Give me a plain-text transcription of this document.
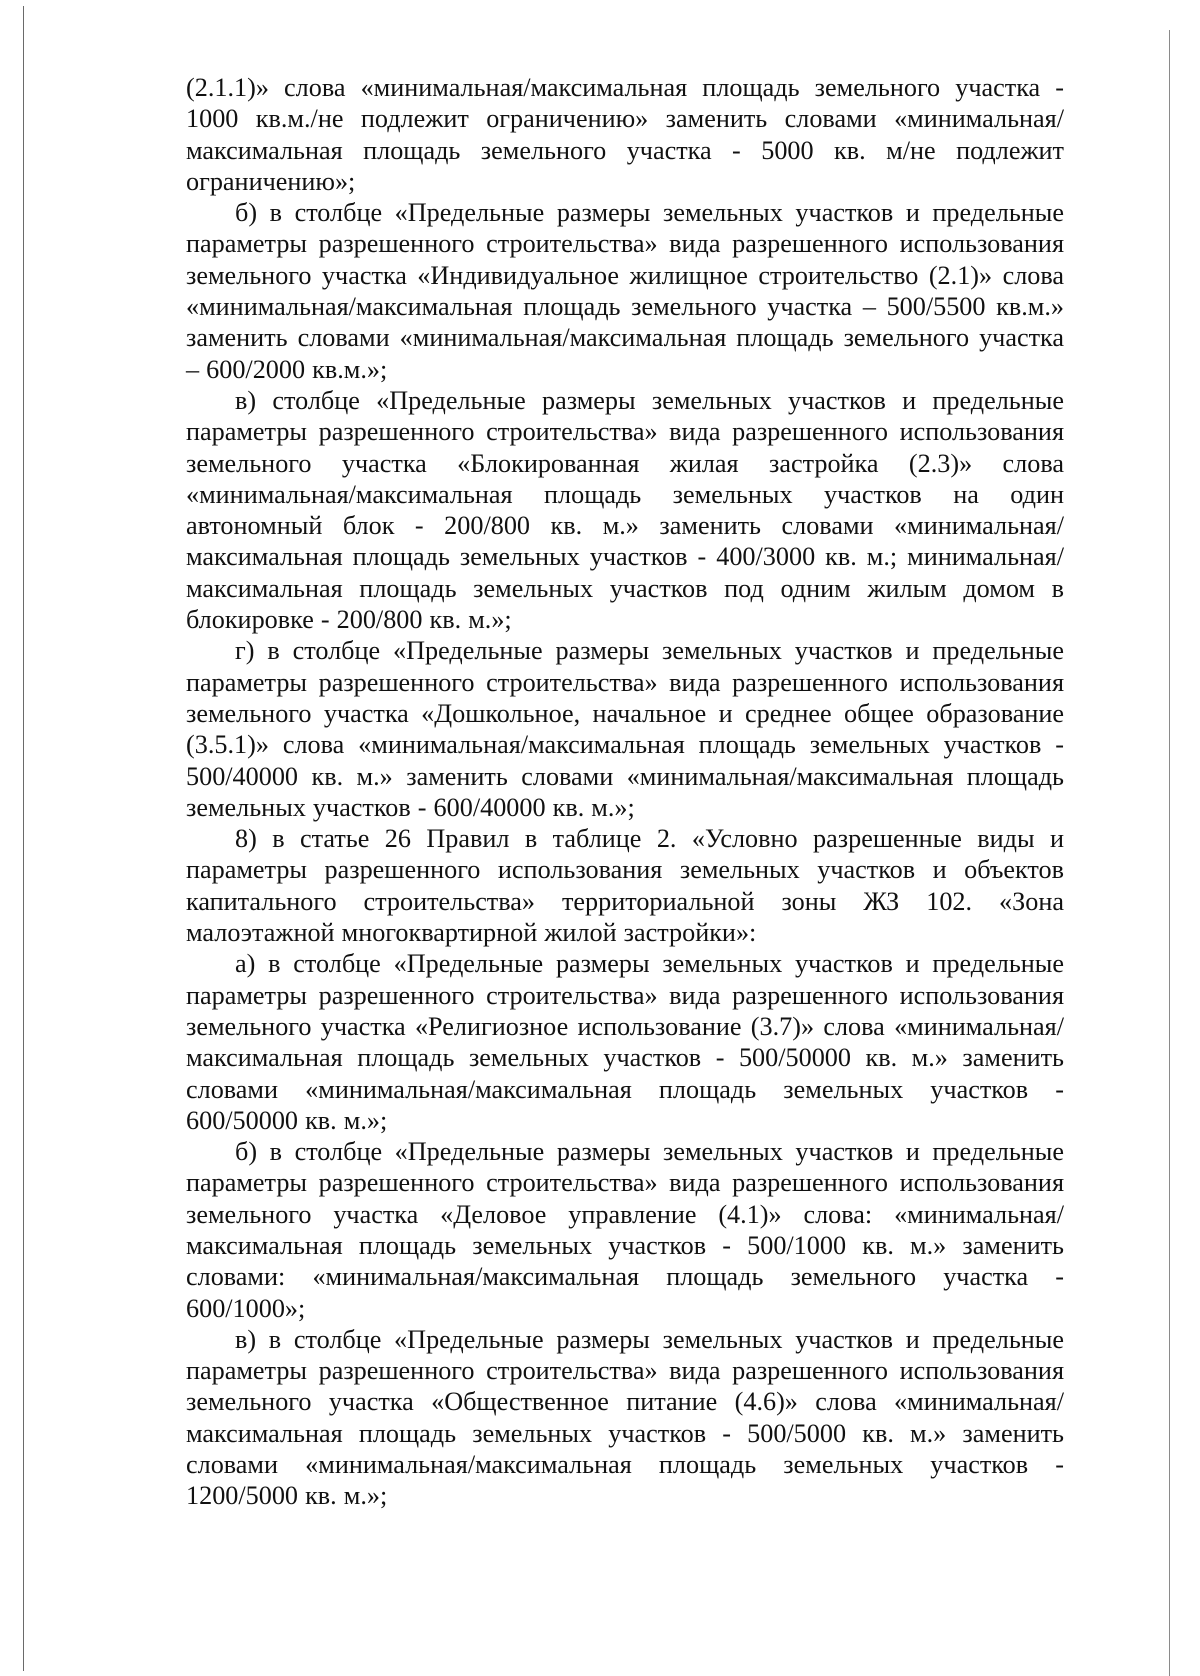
(2.1.1)» слова «минимальная/максимальная площадь земельного участка - 1000 кв.м./не подлежит ограничению» заменить словами «минимальная/максимальная площадь земельного участка - 5000 кв. м/не подлежит ограничению»;

б) в столбце «Предельные размеры земельных участков и предельные параметры разрешенного строительства» вида разрешенного использования земельного участка «Индивидуальное жилищное строительство (2.1)» слова «минимальная/максимальная площадь земельного участка – 500/5500 кв.м.» заменить словами «минимальная/максимальная площадь земельного участка – 600/2000 кв.м.»;

в) столбце «Предельные размеры земельных участков и предельные параметры разрешенного строительства» вида разрешенного использования земельного участка «Блокированная жилая застройка (2.3)» слова «минимальная/максимальная площадь земельных участков на один автономный блок - 200/800 кв. м.» заменить словами «минимальная/максимальная площадь земельных участков - 400/3000 кв. м.; минимальная/максимальная площадь земельных участков под одним жилым домом в блокировке - 200/800 кв. м.»;

г) в столбце «Предельные размеры земельных участков и предельные параметры разрешенного строительства» вида разрешенного использования земельного участка «Дошкольное, начальное и среднее общее образование (3.5.1)» слова «минимальная/максимальная площадь земельных участков - 500/40000 кв. м.» заменить словами «минимальная/максимальная площадь земельных участков - 600/40000 кв. м.»;

8) в статье 26 Правил в таблице 2. «Условно разрешенные виды и параметры разрешенного использования земельных участков и объектов капитального строительства» территориальной зоны ЖЗ 102. «Зона малоэтажной многоквартирной жилой застройки»:

а) в столбце «Предельные размеры земельных участков и предельные параметры разрешенного строительства» вида разрешенного использования земельного участка «Религиозное использование (3.7)» слова «минимальная/максимальная площадь земельных участков - 500/50000 кв. м.» заменить словами «минимальная/максимальная площадь земельных участков - 600/50000 кв. м.»;

б) в столбце «Предельные размеры земельных участков и предельные параметры разрешенного строительства» вида разрешенного использования земельного участка «Деловое управление (4.1)» слова: «минимальная/максимальная площадь земельных участков - 500/1000 кв. м.» заменить словами: «минимальная/максимальная площадь земельного участка - 600/1000»;

в) в столбце «Предельные размеры земельных участков и предельные параметры разрешенного строительства» вида разрешенного использования земельного участка «Общественное питание (4.6)» слова «минимальная/максимальная площадь земельных участков - 500/5000 кв. м.» заменить словами «минимальная/максимальная площадь земельных участков - 1200/5000 кв. м.»;
